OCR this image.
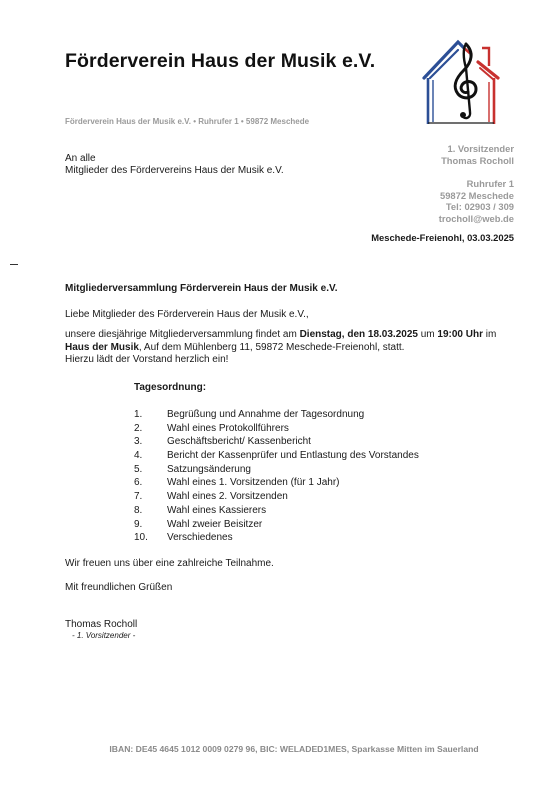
Förderverein Haus der Musik e.V.
Förderverein Haus der Musik e.V. • Ruhrufer 1 • 59872 Meschede
An alle
Mitglieder des Fördervereins Haus der Musik e.V.
1. Vorsitzender
Thomas Rocholl
Ruhrufer 1
59872 Meschede
Tel: 02903 / 309
trocholl@web.de
Meschede-Freienohl, 03.03.2025
Mitgliederversammlung Förderverein Haus der Musik e.V.
Liebe Mitglieder des Förderverein Haus der Musik e.V.,
unsere diesjährige Mitgliederversammlung findet am Dienstag, den 18.03.2025 um 19:00 Uhr im
Haus der Musik, Auf dem Mühlenberg 11, 59872 Meschede-Freienohl, statt.
Hierzu lädt der Vorstand herzlich ein!
Tagesordnung:
1. Begrüßung und Annahme der Tagesordnung
2. Wahl eines Protokollführers
3. Geschäftsbericht/ Kassenbericht
4. Bericht der Kassenprüfer und Entlastung des Vorstandes
5. Satzungsänderung
6. Wahl eines 1. Vorsitzenden (für 1 Jahr)
7. Wahl eines 2. Vorsitzenden
8. Wahl eines Kassierers
9. Wahl zweier Beisitzer
10. Verschiedenes
Wir freuen uns über eine zahlreiche Teilnahme.
Mit freundlichen Grüßen
Thomas Rocholl
- 1. Vorsitzender -
IBAN: DE45 4645 1012 0009 0279 96, BIC: WELADED1MES, Sparkasse Mitten im Sauerland
